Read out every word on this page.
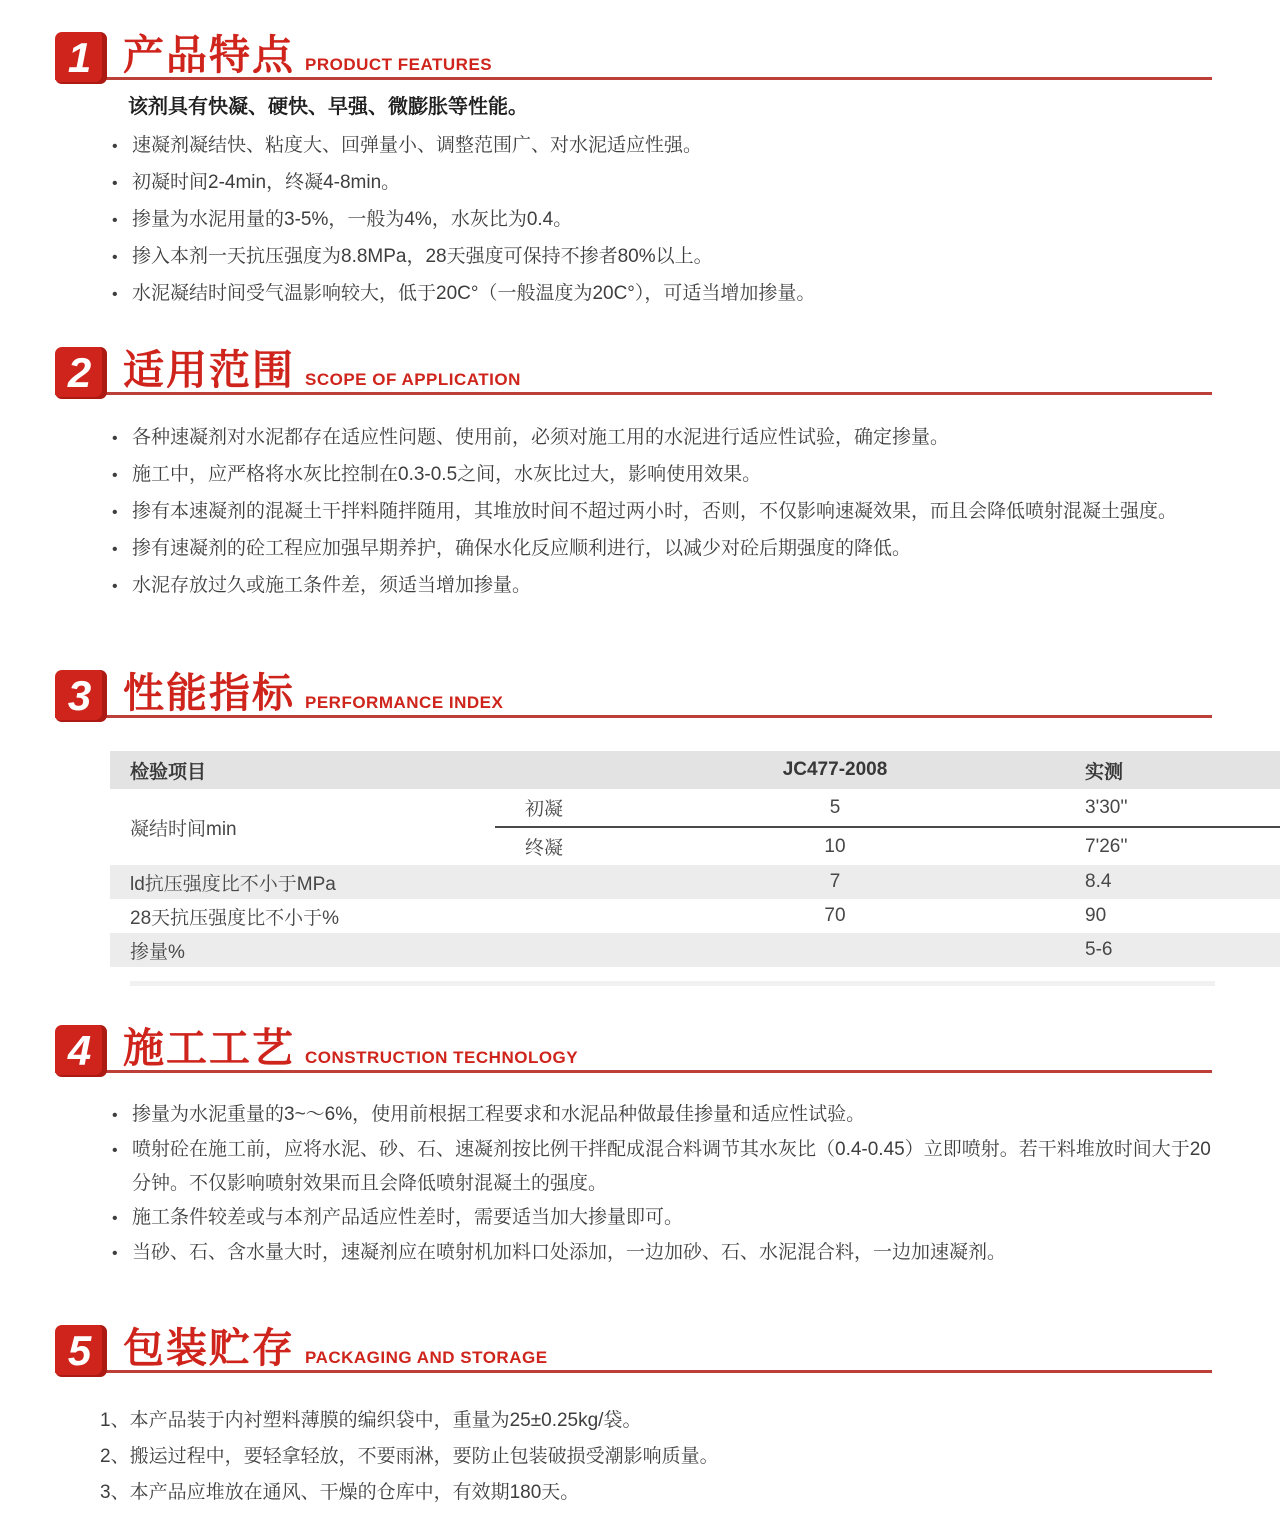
1 产品特点 PRODUCT FEATURES
该剂具有快凝、硬快、早强、微膨胀等性能。
•
速凝剂凝结快、粘度大、回弹量小、调整范围广、对水泥适应性强。
•
初凝时间2-4min，终凝4-8min。
•
掺量为水泥用量的3-5%，一般为4%，水灰比为0.4。
•
掺入本剂一天抗压强度为8.8MPa，28天强度可保持不掺者80%以上。
•
水泥凝结时间受气温影响较大，低于20C°（一般温度为20C°），可适当增加掺量。
2 适用范围 SCOPE OF APPLICATION
•
各种速凝剂对水泥都存在适应性问题、使用前，必须对施工用的水泥进行适应性试验，确定掺量。
•
施工中，应严格将水灰比控制在0.3-0.5之间，水灰比过大，影响使用效果。
•
掺有本速凝剂的混凝土干拌料随拌随用，其堆放时间不超过两小时，否则，不仅影响速凝效果，而且会降低喷射混凝土强度。
•
掺有速凝剂的砼工程应加强早期养护，确保水化反应顺利进行，以减少对砼后期强度的降低。
•
水泥存放过久或施工条件差，须适当增加掺量。
3 性能指标 PERFORMANCE INDEX
检验项目		JC477-2008	实测
凝结时间min	初凝	5	3'30''
	终凝	10	7'26''
ld抗压强度比不小于MPa		7	8.4
28天抗压强度比不小于%		70	90
掺量%			5-6
4 施工工艺 CONSTRUCTION TECHNOLOGY
•
掺量为水泥重量的3~～6%，使用前根据工程要求和水泥品种做最佳掺量和适应性试验。
•
喷射砼在施工前，应将水泥、砂、石、速凝剂按比例干拌配成混合料调节其水灰比（0.4-0.45）立即喷射。若干料堆放时间大于20分钟。不仅影响喷射效果而且会降低喷射混凝土的强度。
•
施工条件较差或与本剂产品适应性差时，需要适当加大掺量即可。
•
当砂、石、含水量大时，速凝剂应在喷射机加料口处添加，一边加砂、石、水泥混合料，一边加速凝剂。
5 包装贮存 PACKAGING AND STORAGE
1、本产品装于内衬塑料薄膜的编织袋中，重量为25±0.25kg/袋。
2、搬运过程中，要轻拿轻放，不要雨淋，要防止包装破损受潮影响质量。
3、本产品应堆放在通风、干燥的仓库中，有效期180天。
